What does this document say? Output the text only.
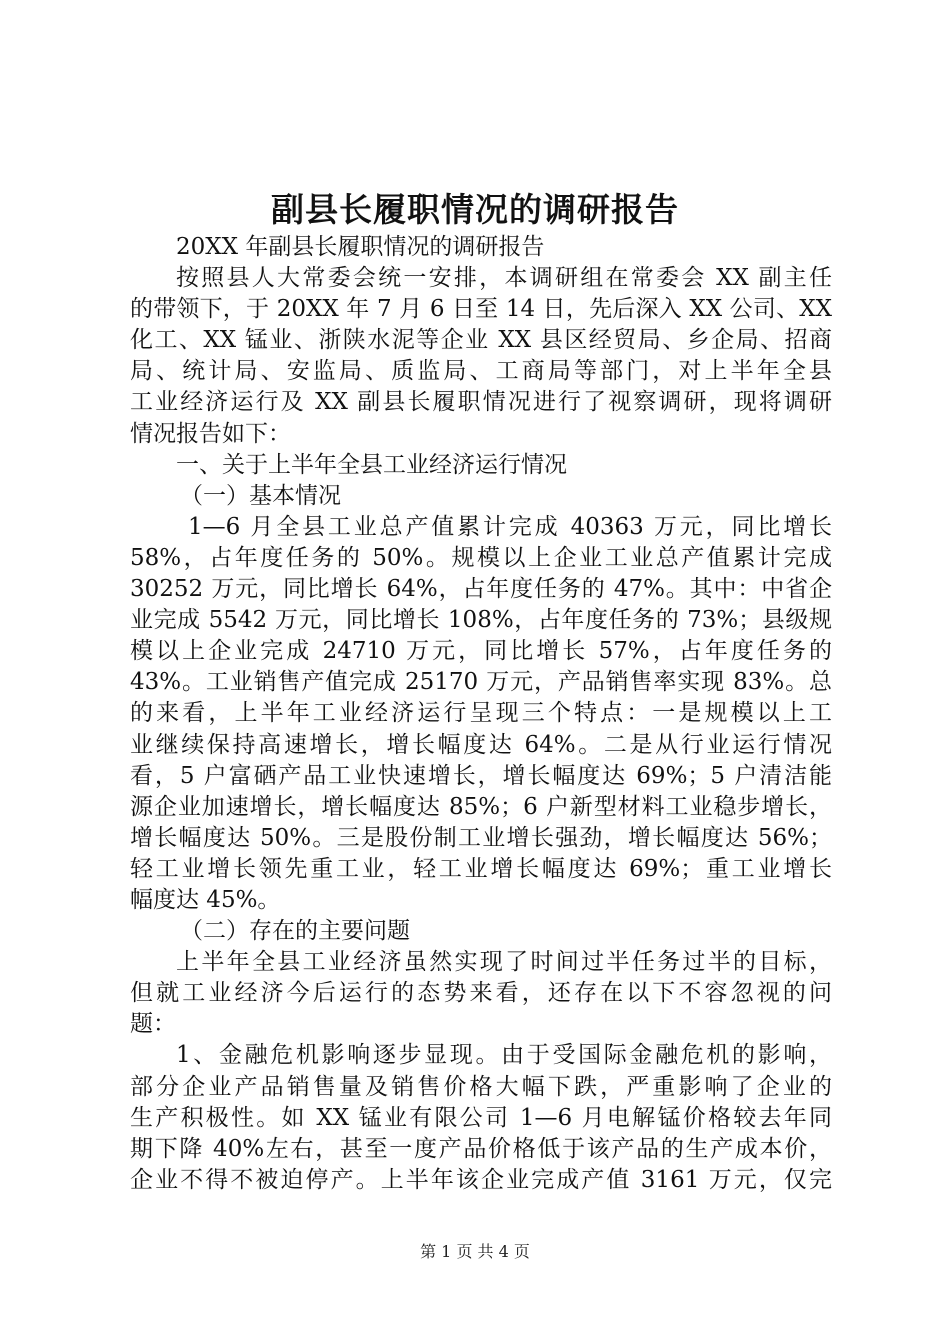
副县长履职情况的调研报告
20XX 年副县长履职情况的调研报告
按照县人大常委会统一安排，本调研组在常委会 XX 副主任
的带领下，于 20XX 年 7 月 6 日至 14 日，先后深入 XX 公司、XX
化工、XX 锰业、浙陕水泥等企业 XX 县区经贸局、乡企局、招商
局、统计局、安监局、质监局、工商局等部门，对上半年全县
工业经济运行及 XX 副县长履职情况进行了视察调研，现将调研
情况报告如下：
一、关于上半年全县工业经济运行情况
（一）基本情况
1—6 月全县工业总产值累计完成 40363 万元，同比增长
58%，占年度任务的 50%。规模以上企业工业总产值累计完成
30252 万元，同比增长 64%，占年度任务的 47%。其中：中省企
业完成 5542 万元，同比增长 108%，占年度任务的 73%；县级规
模以上企业完成 24710 万元，同比增长 57%，占年度任务的
43%。工业销售产值完成 25170 万元，产品销售率实现 83%。总
的来看，上半年工业经济运行呈现三个特点：一是规模以上工
业继续保持高速增长，增长幅度达 64%。二是从行业运行情况
看，5 户富硒产品工业快速增长，增长幅度达 69%；5 户清洁能
源企业加速增长，增长幅度达 85%；6 户新型材料工业稳步增长，
增长幅度达 50%。三是股份制工业增长强劲，增长幅度达 56%；
轻工业增长领先重工业，轻工业增长幅度达 69%；重工业增长
幅度达 45%。
（二）存在的主要问题
上半年全县工业经济虽然实现了时间过半任务过半的目标，
但就工业经济今后运行的态势来看，还存在以下不容忽视的问
题：
1、金融危机影响逐步显现。由于受国际金融危机的影响，
部分企业产品销售量及销售价格大幅下跌，严重影响了企业的
生产积极性。如 XX 锰业有限公司 1—6 月电解锰价格较去年同
期下降 40%左右，甚至一度产品价格低于该产品的生产成本价，
企业不得不被迫停产。上半年该企业完成产值 3161 万元，仅完
第 1 页 共 4 页
